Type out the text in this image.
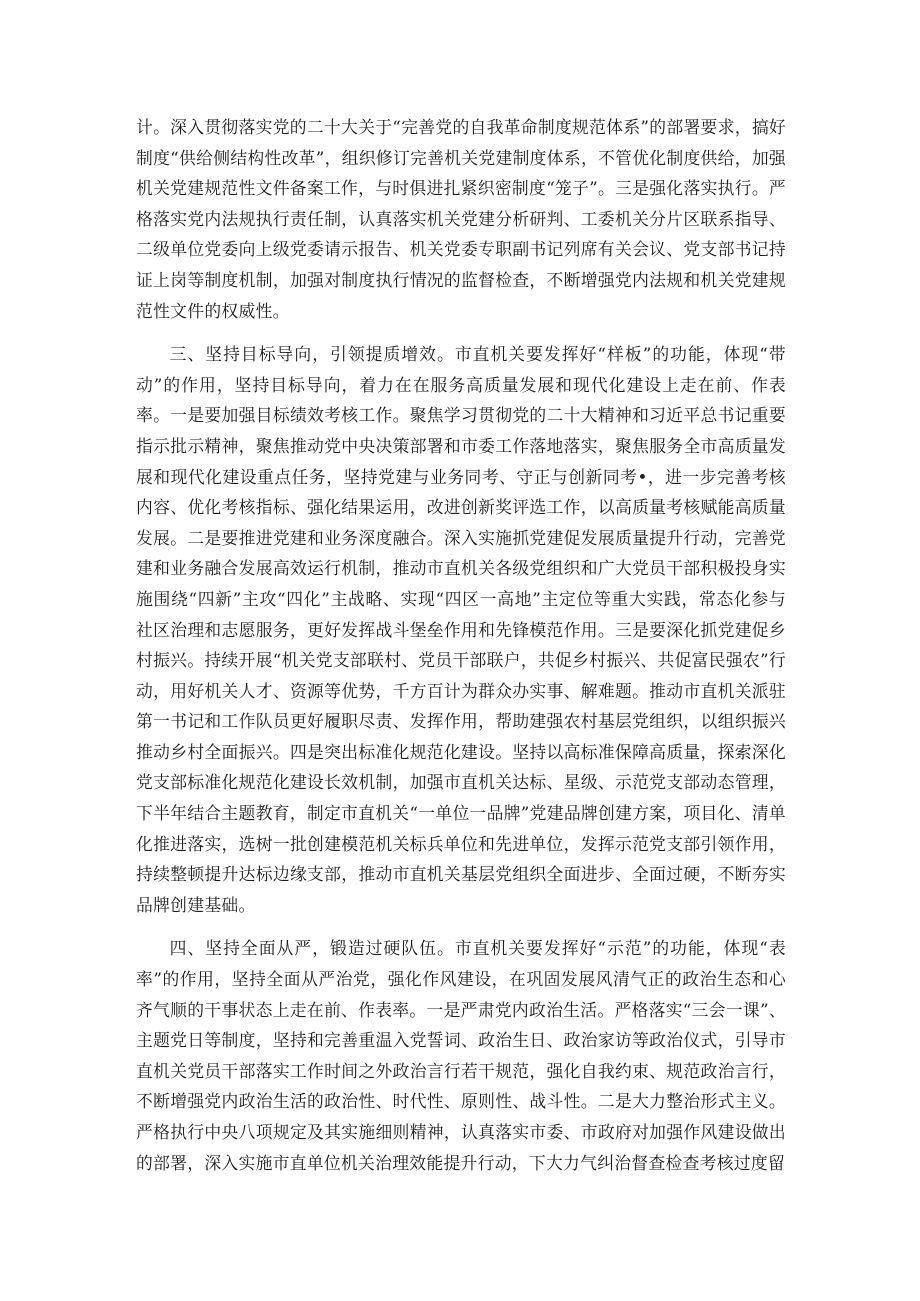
计。深入贯彻落实党的二十大关于“完善党的自我革命制度规范体系”的部署要求，搞好制度“供给侧结构性改革”，组织修订完善机关党建制度体系，不管优化制度供给，加强机关党建规范性文件备案工作，与时俱进扎紧织密制度“笼子”。三是强化落实执行。严格落实党内法规执行责任制，认真落实机关党建分析研判、工委机关分片区联系指导、二级单位党委向上级党委请示报告、机关党委专职副书记列席有关会议、党支部书记持证上岗等制度机制，加强对制度执行情况的监督检查，不断增强党内法规和机关党建规范性文件的权威性。

三、坚持目标导向，引领提质增效。市直机关要发挥好“样板”的功能，体现“带动”的作用，坚持目标导向，着力在在服务高质量发展和现代化建设上走在前、作表率。一是要加强目标绩效考核工作。聚焦学习贯彻党的二十大精神和习近平总书记重要指示批示精神，聚焦推动党中央决策部署和市委工作落地落实，聚焦服务全市高质量发展和现代化建设重点任务，坚持党建与业务同考、守正与创新同考•，进一步完善考核内容、优化考核指标、强化结果运用，改进创新奖评选工作，以高质量考核赋能高质量发展。二是要推进党建和业务深度融合。深入实施抓党建促发展质量提升行动，完善党建和业务融合发展高效运行机制，推动市直机关各级党组织和广大党员干部积极投身实施围绕“四新”主攻“四化”主战略、实现“四区一高地”主定位等重大实践，常态化参与社区治理和志愿服务，更好发挥战斗堡垒作用和先锋模范作用。三是要深化抓党建促乡村振兴。持续开展“机关党支部联村、党员干部联户，共促乡村振兴、共促富民强农”行动，用好机关人才、资源等优势，千方百计为群众办实事、解难题。推动市直机关派驻第一书记和工作队员更好履职尽责、发挥作用，帮助建强农村基层党组织，以组织振兴推动乡村全面振兴。四是突出标准化规范化建设。坚持以高标准保障高质量，探索深化党支部标准化规范化建设长效机制，加强市直机关达标、星级、示范党支部动态管理，下半年结合主题教育，制定市直机关“一单位一品牌”党建品牌创建方案，项目化、清单化推进落实，选树一批创建模范机关标兵单位和先进单位，发挥示范党支部引领作用，持续整顿提升达标边缘支部，推动市直机关基层党组织全面进步、全面过硬，不断夯实品牌创建基础。

四、坚持全面从严，锻造过硬队伍。市直机关要发挥好“示范”的功能，体现“表率”的作用，坚持全面从严治党，强化作风建设，在巩固发展风清气正的政治生态和心齐气顺的干事状态上走在前、作表率。一是严肃党内政治生活。严格落实“三会一课”、主题党日等制度，坚持和完善重温入党誓词、政治生日、政治家访等政治仪式，引导市直机关党员干部落实工作时间之外政治言行若干规范，强化自我约束、规范政治言行，不断增强党内政治生活的政治性、时代性、原则性、战斗性。二是大力整治形式主义。严格执行中央八项规定及其实施细则精神，认真落实市委、市政府对加强作风建设做出的部署，深入实施市直单位机关治理效能提升行动，下大力气纠治督查检查考核过度留
